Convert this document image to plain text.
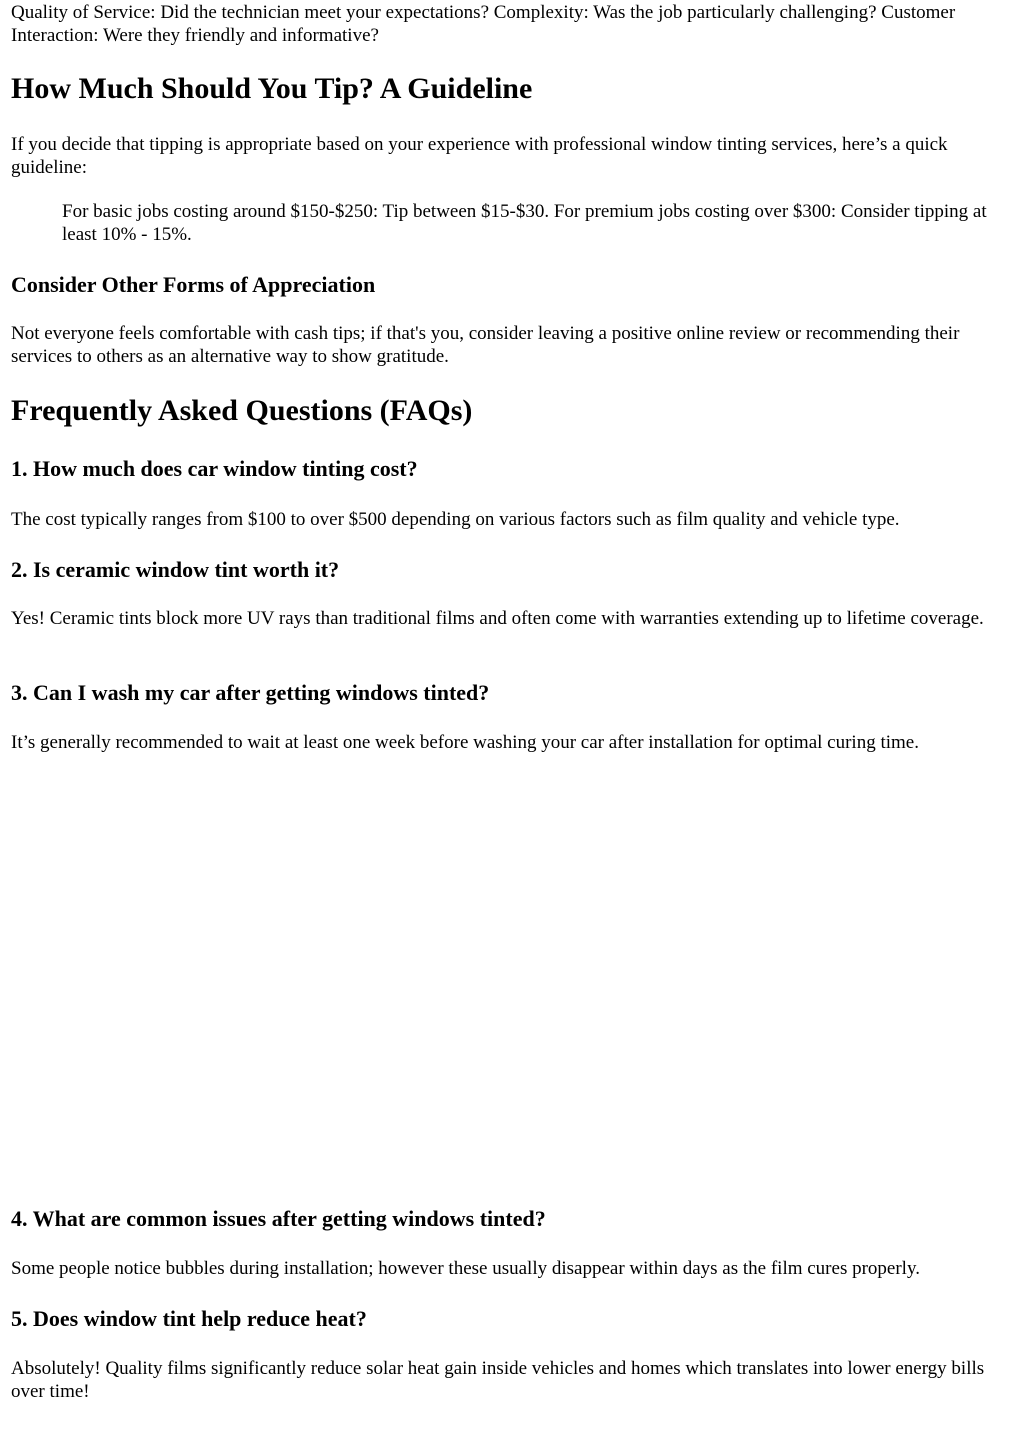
Quality of Service: Did the technician meet your expectations? Complexity: Was the job particularly challenging? Customer Interaction: Were they friendly and informative?

How Much Should You Tip? A Guideline

If you decide that tipping is appropriate based on your experience with professional window tinting services, here’s a quick guideline:

For basic jobs costing around $150-$250: Tip between $15-$30. For premium jobs costing over $300: Consider tipping at least 10% - 15%.
Consider Other Forms of Appreciation

Not everyone feels comfortable with cash tips; if that's you, consider leaving a positive online review or recommending their services to others as an alternative way to show gratitude.

Frequently Asked Questions (FAQs)
1. How much does car window tinting cost?

The cost typically ranges from $100 to over $500 depending on various factors such as film quality and vehicle type.

2. Is ceramic window tint worth it?

Yes! Ceramic tints block more UV rays than traditional films and often come with warranties extending up to lifetime coverage.

3. Can I wash my car after getting windows tinted?

It’s generally recommended to wait at least one week before washing your car after installation for optimal curing time.

4. What are common issues after getting windows tinted?

Some people notice bubbles during installation; however these usually disappear within days as the film cures properly.

5. Does window tint help reduce heat?

Absolutely! Quality films significantly reduce solar heat gain inside vehicles and homes which translates into lower energy bills over time!
